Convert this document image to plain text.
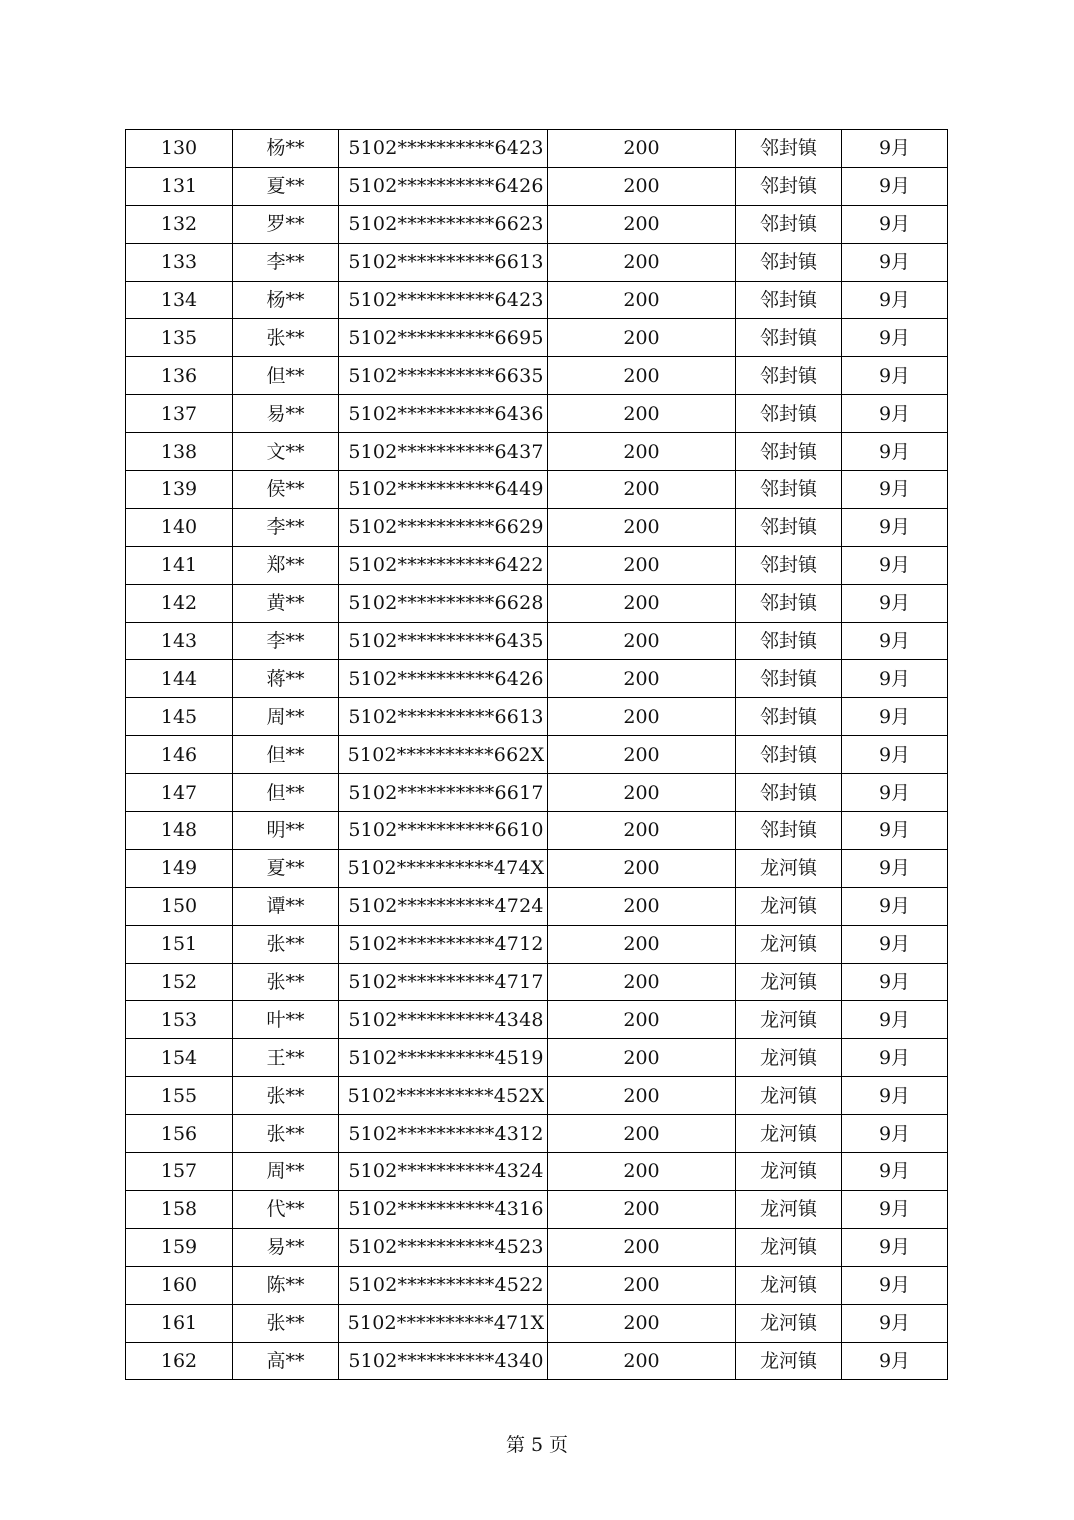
130	杨**	5102**********6423	200	邻封镇	9月
131	夏**	5102**********6426	200	邻封镇	9月
132	罗**	5102**********6623	200	邻封镇	9月
133	李**	5102**********6613	200	邻封镇	9月
134	杨**	5102**********6423	200	邻封镇	9月
135	张**	5102**********6695	200	邻封镇	9月
136	但**	5102**********6635	200	邻封镇	9月
137	易**	5102**********6436	200	邻封镇	9月
138	文**	5102**********6437	200	邻封镇	9月
139	侯**	5102**********6449	200	邻封镇	9月
140	李**	5102**********6629	200	邻封镇	9月
141	郑**	5102**********6422	200	邻封镇	9月
142	黄**	5102**********6628	200	邻封镇	9月
143	李**	5102**********6435	200	邻封镇	9月
144	蒋**	5102**********6426	200	邻封镇	9月
145	周**	5102**********6613	200	邻封镇	9月
146	但**	5102**********662X	200	邻封镇	9月
147	但**	5102**********6617	200	邻封镇	9月
148	明**	5102**********6610	200	邻封镇	9月
149	夏**	5102**********474X	200	龙河镇	9月
150	谭**	5102**********4724	200	龙河镇	9月
151	张**	5102**********4712	200	龙河镇	9月
152	张**	5102**********4717	200	龙河镇	9月
153	叶**	5102**********4348	200	龙河镇	9月
154	王**	5102**********4519	200	龙河镇	9月
155	张**	5102**********452X	200	龙河镇	9月
156	张**	5102**********4312	200	龙河镇	9月
157	周**	5102**********4324	200	龙河镇	9月
158	代**	5102**********4316	200	龙河镇	9月
159	易**	5102**********4523	200	龙河镇	9月
160	陈**	5102**********4522	200	龙河镇	9月
161	张**	5102**********471X	200	龙河镇	9月
162	高**	5102**********4340	200	龙河镇	9月
第 5 页
